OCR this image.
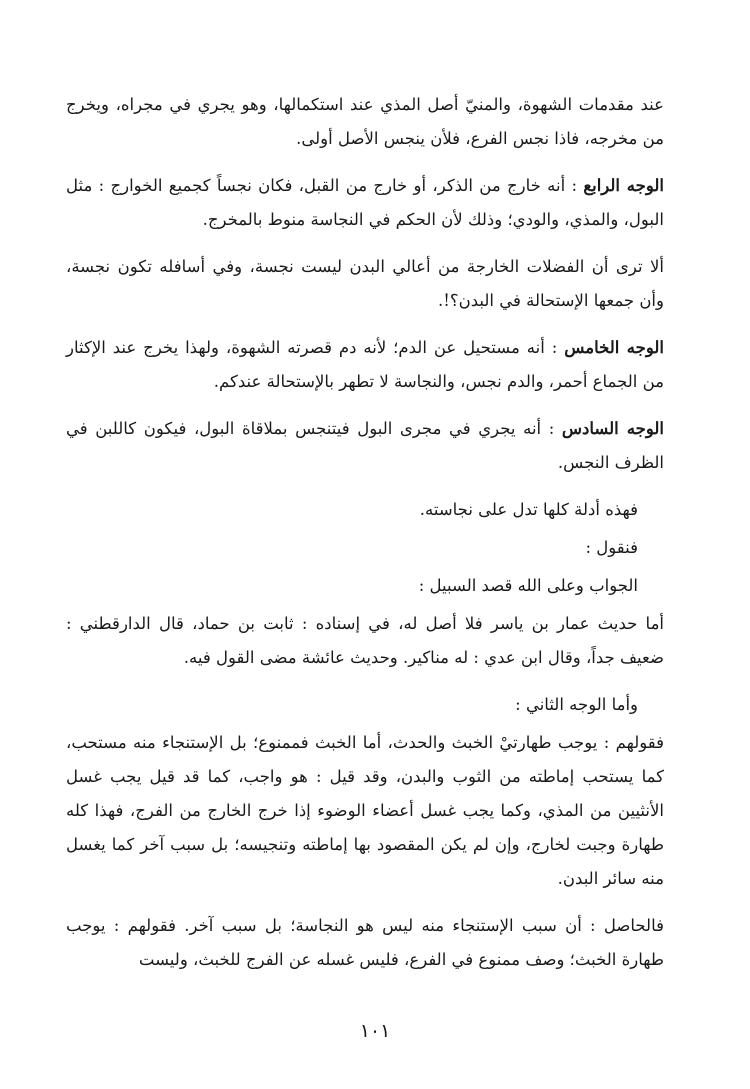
عند مقدمات الشهوة، والمنيّ أصل المذي عند استكمالها، وهو يجري في مجراه، ويخرج من مخرجه، فاذا نجس الفرع، فلأن ينجس الأصل أولى.

الوجه الرابع : أنه خارج من الذكر، أو خارج من القبل، فكان نجساً كجميع الخوارج : مثل البول، والمذي، والودي؛ وذلك لأن الحكم في النجاسة منوط بالمخرج.

ألا ترى أن الفضلات الخارجة من أعالي البدن ليست نجسة، وفي أسافله تكون نجسة، وأن جمعها الإستحالة في البدن؟!.

الوجه الخامس : أنه مستحيل عن الدم؛ لأنه دم قصرته الشهوة، ولهذا يخرج عند الإكثار من الجماع أحمر، والدم نجس، والنجاسة لا تطهر بالإستحالة عندكم.

الوجه السادس : أنه يجري في مجرى البول فيتنجس بملاقاة البول، فيكون كاللبن في الظرف النجس.

فهذه أدلة كلها تدل على نجاسته.

فنقول :

الجواب وعلى الله قصد السبيل :

أما حديث عمار بن ياسر فلا أصل له، في إسناده : ثابت بن حماد، قال الدارقطني : ضعيف جداً، وقال ابن عدي : له مناكير. وحديث عائشة مضى القول فيه.

وأما الوجه الثاني :

فقولهم : يوجب طهارتيْ الخبث والحدث، أما الخبث فممنوع؛ بل الإستنجاء منه مستحب، كما يستحب إماطته من الثوب والبدن، وقد قيل : هو واجب، كما قد قيل يجب غسل الأنثيين من المذي، وكما يجب غسل أعضاء الوضوء إذا خرج الخارج من الفرج، فهذا كله طهارة وجبت لخارج، وإن لم يكن المقصود بها إماطته وتنجيسه؛ بل سبب آخر كما يغسل منه سائر البدن.

فالحاصل : أن سبب الإستنجاء منه ليس هو النجاسة؛ بل سبب آخر. فقولهم : يوجب طهارة الخبث؛ وصف ممنوع في الفرع، فليس غسله عن الفرج للخبث، وليست

١٠١
